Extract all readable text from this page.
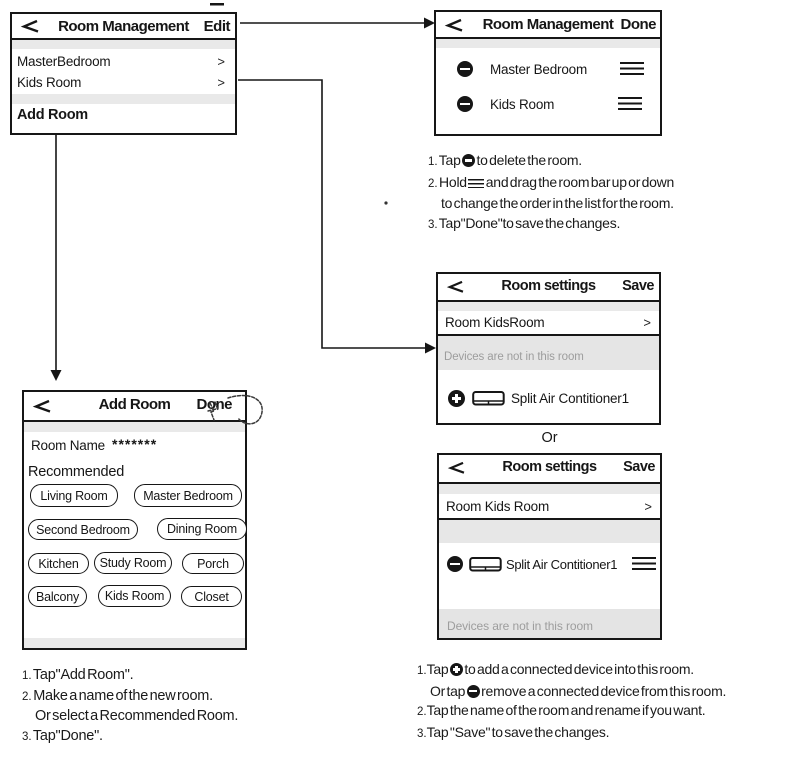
Room Management Edit
MasterBedroom	>
Kids Room	>
Add Room
Room Management Done
Master Bedroom
Kids Room
1. Tap to delete the room.
2. Hold and drag the room bar up or down
to change the order in the list for the room.
3. Tap"Done"to save the changes.
Room settings	Save
Room KidsRoom	>
Devices are not in this room
Split Air Contitioner1
Or
Room settings	Save
Room Kids Room	>
Split Air Contitioner1
Devices are not in this room
Add Room	Done
Room Name *******
Recommended
Living Room	Master Bedroom
Second Bedroom	Dining Room
Kitchen	Study Room	Porch
Balcony	Kids Room	Closet
1. Tap"Add Room".
2. Make a name of the new room.
Or select a Recommended Room.
3. Tap"Done".
1.Tap to add a connected device into this room.
Or tap remove a connected device from this room.
2.Tap the name of the room and rename if you want.
3.Tap "Save" to save the changes.
